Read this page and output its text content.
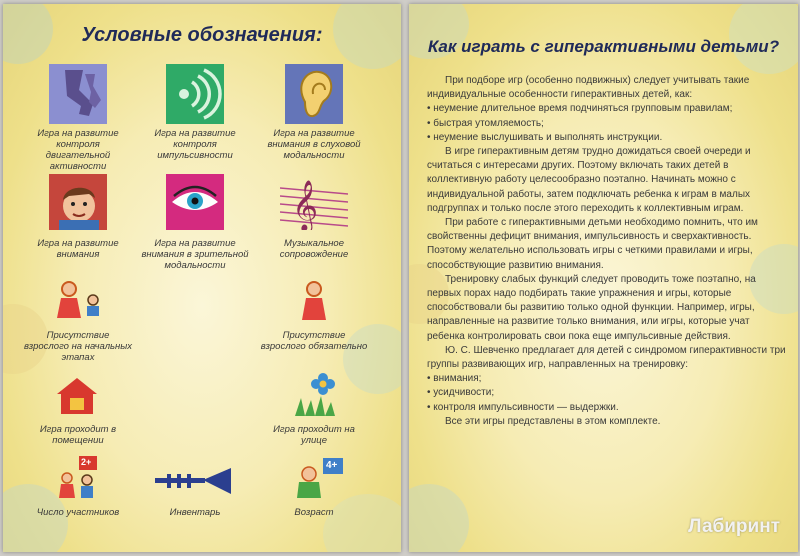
Условные обозначения:
Игра на развитие контроля двигательной активности
Игра на развитие контроля импульсивности
Игра на развитие внимания в слуховой модальности
𝄞
Игра на развитие внимания
Игра на развитие внимания в зрительной модальности
Музыкальное сопровождение
Присутствие взрослого на начальных этапах
Присутствие взрослого обязательно
Игра проходит в помещении
Игра проходит на улице
2+	4+
Число участников	Инвентарь	Возраст
Как играть с гиперактивными детьми?

При подборе игр (особенно подвижных) следует учитывать такие индивидуальные особенности гиперактивных детей, как:

• неумение длительное время подчиняться групповым правилам;

• быстрая утомляемость;

• неумение выслушивать и выполнять инструкции.

В игре гиперактивным детям трудно дожидаться своей очереди и считаться с интересами других. Поэтому включать таких детей в коллективную работу целесообразно поэтапно. Начинать можно с индивидуальной работы, затем подключать ребенка к играм в малых подгруппах и только после этого переходить к коллективным играм.

При работе с гиперактивными детьми необходимо помнить, что им свойственны дефицит внимания, импульсивность и сверхактивность. Поэтому желательно использовать игры с четкими правилами и игры, способствующие развитию внимания.

Тренировку слабых функций следует проводить тоже поэтапно, на первых порах надо подбирать такие упражнения и игры, которые способствовали бы развитию только одной функции. Например, игры, направленные на развитие только внимания, или игры, которые учат ребенка контролировать свои пока еще импульсивные действия.

Ю. С. Шевченко предлагает для детей с синдромом гиперактивности три группы развивающих игр, направленных на тренировку:

• внимания;

• усидчивости;

• контроля импульсивности — выдержки.

Все эти игры представлены в этом комплекте.

Лабиринт
